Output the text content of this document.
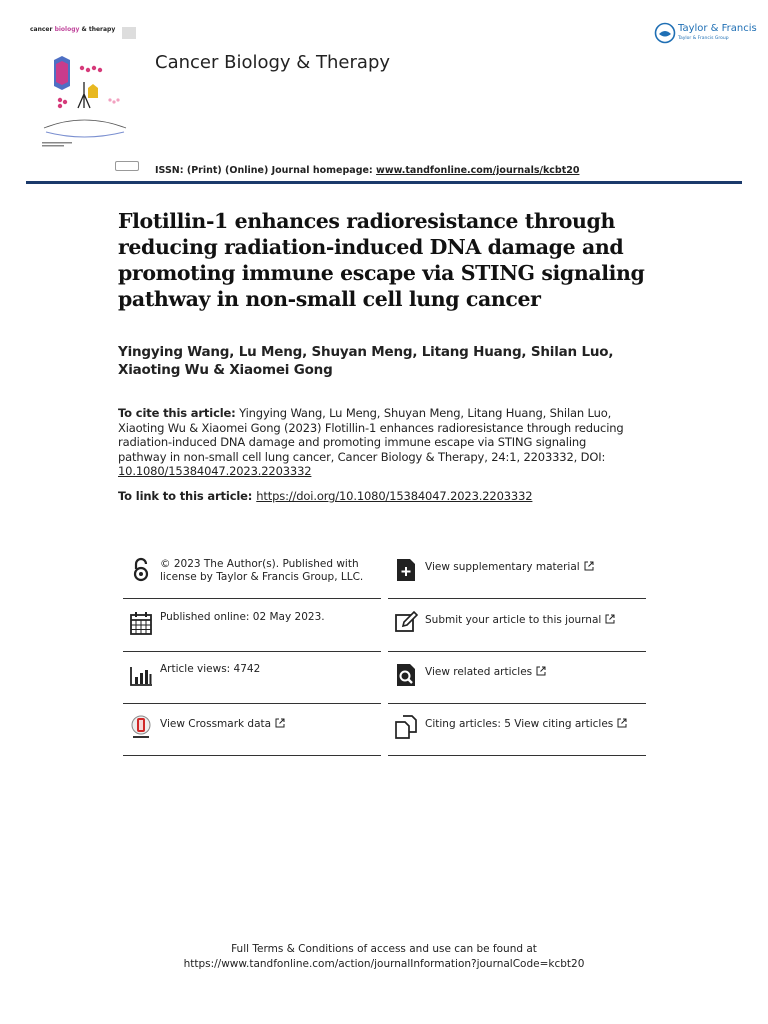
cancer biology & therapy
Cancer Biology & Therapy
Taylor & Francis
Taylor & Francis Group
ISSN: (Print) (Online) Journal homepage: www.tandfonline.com/journals/kcbt20
Flotillin-1 enhances radioresistance through reducing radiation-induced DNA damage and promoting immune escape via STING signaling pathway in non-small cell lung cancer
Yingying Wang, Lu Meng, Shuyan Meng, Litang Huang, Shilan Luo, Xiaoting Wu & Xiaomei Gong
To cite this article: Yingying Wang, Lu Meng, Shuyan Meng, Litang Huang, Shilan Luo, Xiaoting Wu & Xiaomei Gong (2023) Flotillin-1 enhances radioresistance through reducing radiation-induced DNA damage and promoting immune escape via STING signaling pathway in non-small cell lung cancer, Cancer Biology & Therapy, 24:1, 2203332, DOI: 10.1080/15384047.2023.2203332
To link to this article: https://doi.org/10.1080/15384047.2023.2203332
© 2023 The Author(s). Published with
license by Taylor & Francis Group, LLC.
Published online: 02 May 2023.
Article views: 4742
View Crossmark data
View supplementary material
Submit your article to this journal
View related articles
Citing articles: 5 View citing articles
Full Terms & Conditions of access and use can be found at
https://www.tandfonline.com/action/journalInformation?journalCode=kcbt20
